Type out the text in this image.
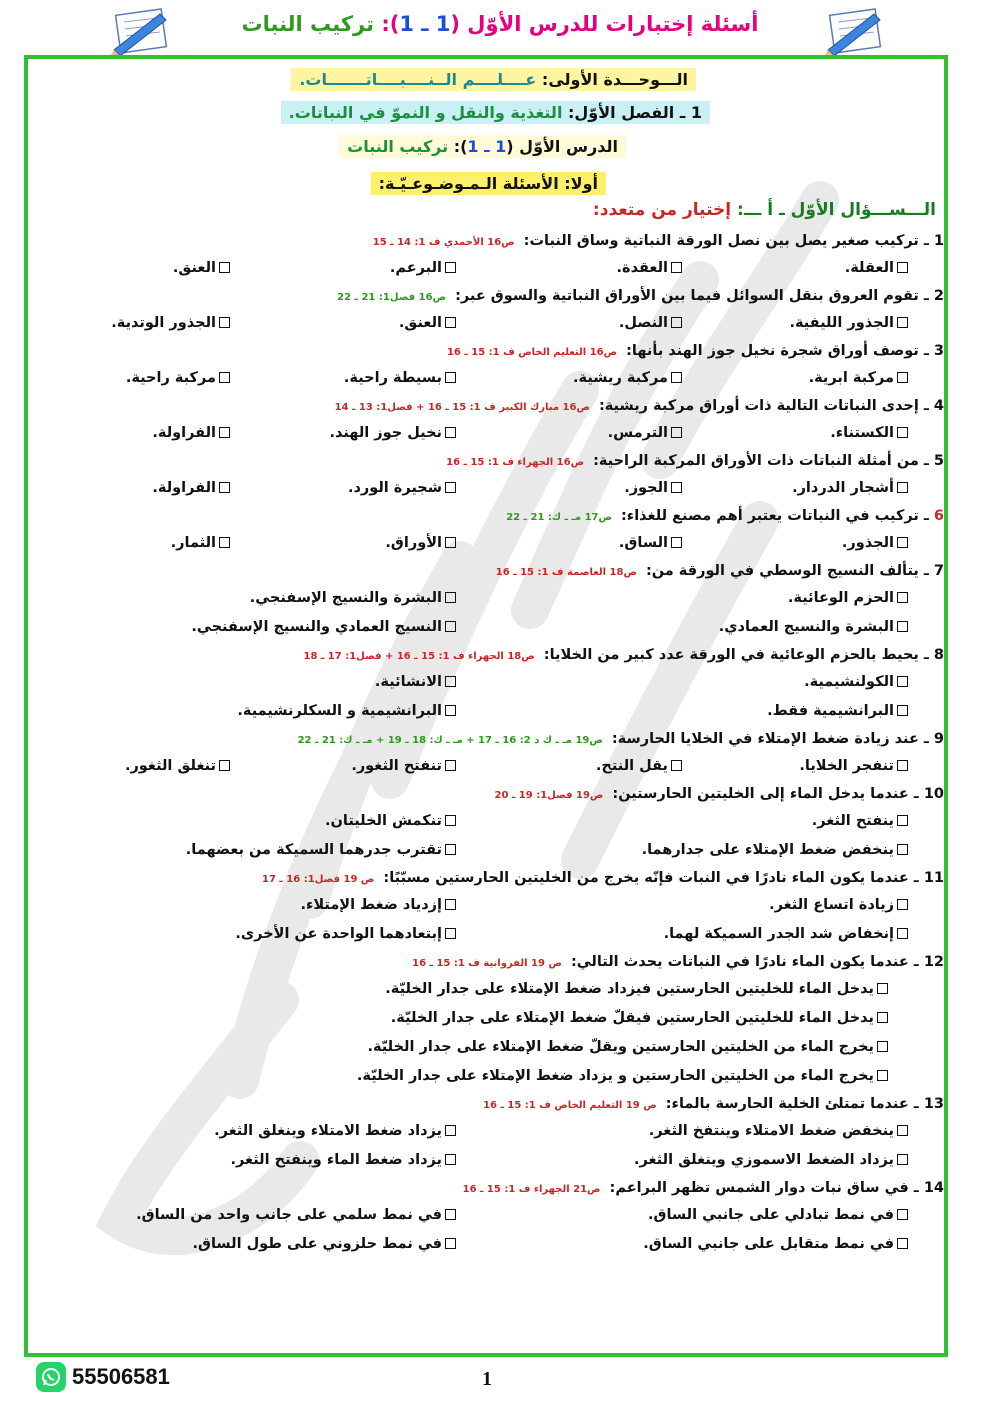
أسئلة إختبارات للدرس الأوّل (1 ـ 1): تركيب النبات
الـــوحـــدة الأولى: عــــلــــم الــنــــبــــاتـــــــات.
1 ـ الفصل الأوّل: التغذية والنقل و النموّ في النباتات.
الدرس الأوّل (1 ـ 1): تركيب النبات
أولا: الأسئلة الـمـوضـوعـيّـة:
الـــســـؤال الأوّل ـ أ ـــ: إختيار من متعدد:
1 ـ تركيب صغير يصل بين نصل الورقة النباتية وساق النبات: ص16 الأحمدي ف 1: 14 ـ 15
العقلة.
العقدة.
البرعم.
العنق.
2 ـ تقوم العروق بنقل السوائل فيما بين الأوراق النباتية والسوق عبر: ص16 فصل1: 21 ـ 22
الجذور الليفية.
النصل.
العنق.
الجذور الوتدية.
3 ـ توصف أوراق شجرة نخيل جوز الهند بأنها: ص16 التعليم الخاص ف 1: 15 ـ 16
مركبة ابرية.
مركبة ريشية.
بسيطة راحية.
مركبة راحية.
4 ـ إحدى النباتات التالية ذات أوراق مركبة ريشية: ص16 مبارك الكبير ف 1: 15 ـ 16 + فصل1: 13 ـ 14
الكستناء.
الترمس.
نخيل جوز الهند.
الفراولة.
5 ـ من أمثلة النباتات ذات الأوراق المركبة الراحية: ص16 الجهراء ف 1: 15 ـ 16
أشجار الدردار.
الجوز.
شجيرة الورد.
الفراولة.
6 ـ تركيب في النباتات يعتبر أهم مصنع للغذاء: ص17 مـ ـ ك: 21 ـ 22
الجذور.
الساق.
الأوراق.
الثمار.
7 ـ يتألف النسيج الوسطي في الورقة من: ص18 العاصمة ف 1: 15 ـ 16
الحزم الوعائية.
البشرة والنسيج الإسفنجي.
البشرة والنسيج العمادي.
النسيج العمادي والنسيج الإسفنجي.
8 ـ يحيط بالحزم الوعائية في الورقة عدد كبير من الخلايا: ص18 الجهراء ف 1: 15 ـ 16 + فصل1: 17 ـ 18
الكولنشيمية.
الانشائية.
البرانشيمية فقط.
البرانشيمية و السكلرنشيمية.
9 ـ عند زيادة ضغط الإمتلاء في الخلايا الحارسة: ص19 مـ ـ ك د 2: 16 ـ 17 + مـ ـ ك: 18 ـ 19 + مـ ـ ك: 21 ـ 22
تنفجر الخلايا.
يقل النتح.
تنفتح الثغور.
تنغلق الثغور.
10 ـ عندما يدخل الماء إلى الخليتين الحارستين: ص19 فصل1: 19 ـ 20
ينفتح الثغر.
تنكمش الخليتان.
ينخفض ضغط الإمتلاء على جدارهما.
تقترب جدرهما السميكة من بعضهما.
11 ـ عندما يكون الماء نادرًا في النبات فإنّه يخرج من الخليتين الحارستين مسبّبًا: ص 19 فصل1: 16 ـ 17
زيادة اتساع الثغر.
إزدياد ضغط الإمتلاء.
إنخفاض شد الجدر السميكة لهما.
إبتعادهما الواحدة عن الأخرى.
12 ـ عندما يكون الماء نادرًا في النباتات يحدث التالي: ص 19 الفروانية ف 1: 15 ـ 16
يدخل الماء للخليتين الحارستين فيزداد ضغط الإمتلاء على جدار الخليّة.
يدخل الماء للخليتين الحارستين فيقلّ ضغط الإمتلاء على جدار الخليّة.
يخرج الماء من الخليتين الحارستين ويقلّ ضغط الإمتلاء على جدار الخليّة.
يخرج الماء من الخليتين الحارستين و يزداد ضغط الإمتلاء على جدار الخليّة.
13 ـ عندما تمتلئ الخلية الحارسة بالماء: ص 19 التعليم الخاص ف 1: 15 ـ 16
ينخفض ضغط الامتلاء وينتفخ الثغر.
يزداد ضغط الامتلاء وينغلق الثغر.
يزداد الضغط الاسموزي وينغلق الثغر.
يزداد ضغط الماء وينفتح الثغر.
14 ـ في ساق نبات دوار الشمس تظهر البراعم: ص21 الجهراء ف 1: 15 ـ 16
في نمط تبادلي على جانبي الساق.
في نمط سلمي على جانب واحد من الساق.
في نمط متقابل على جانبي الساق.
في نمط حلزوني على طول الساق.
55506581	1
